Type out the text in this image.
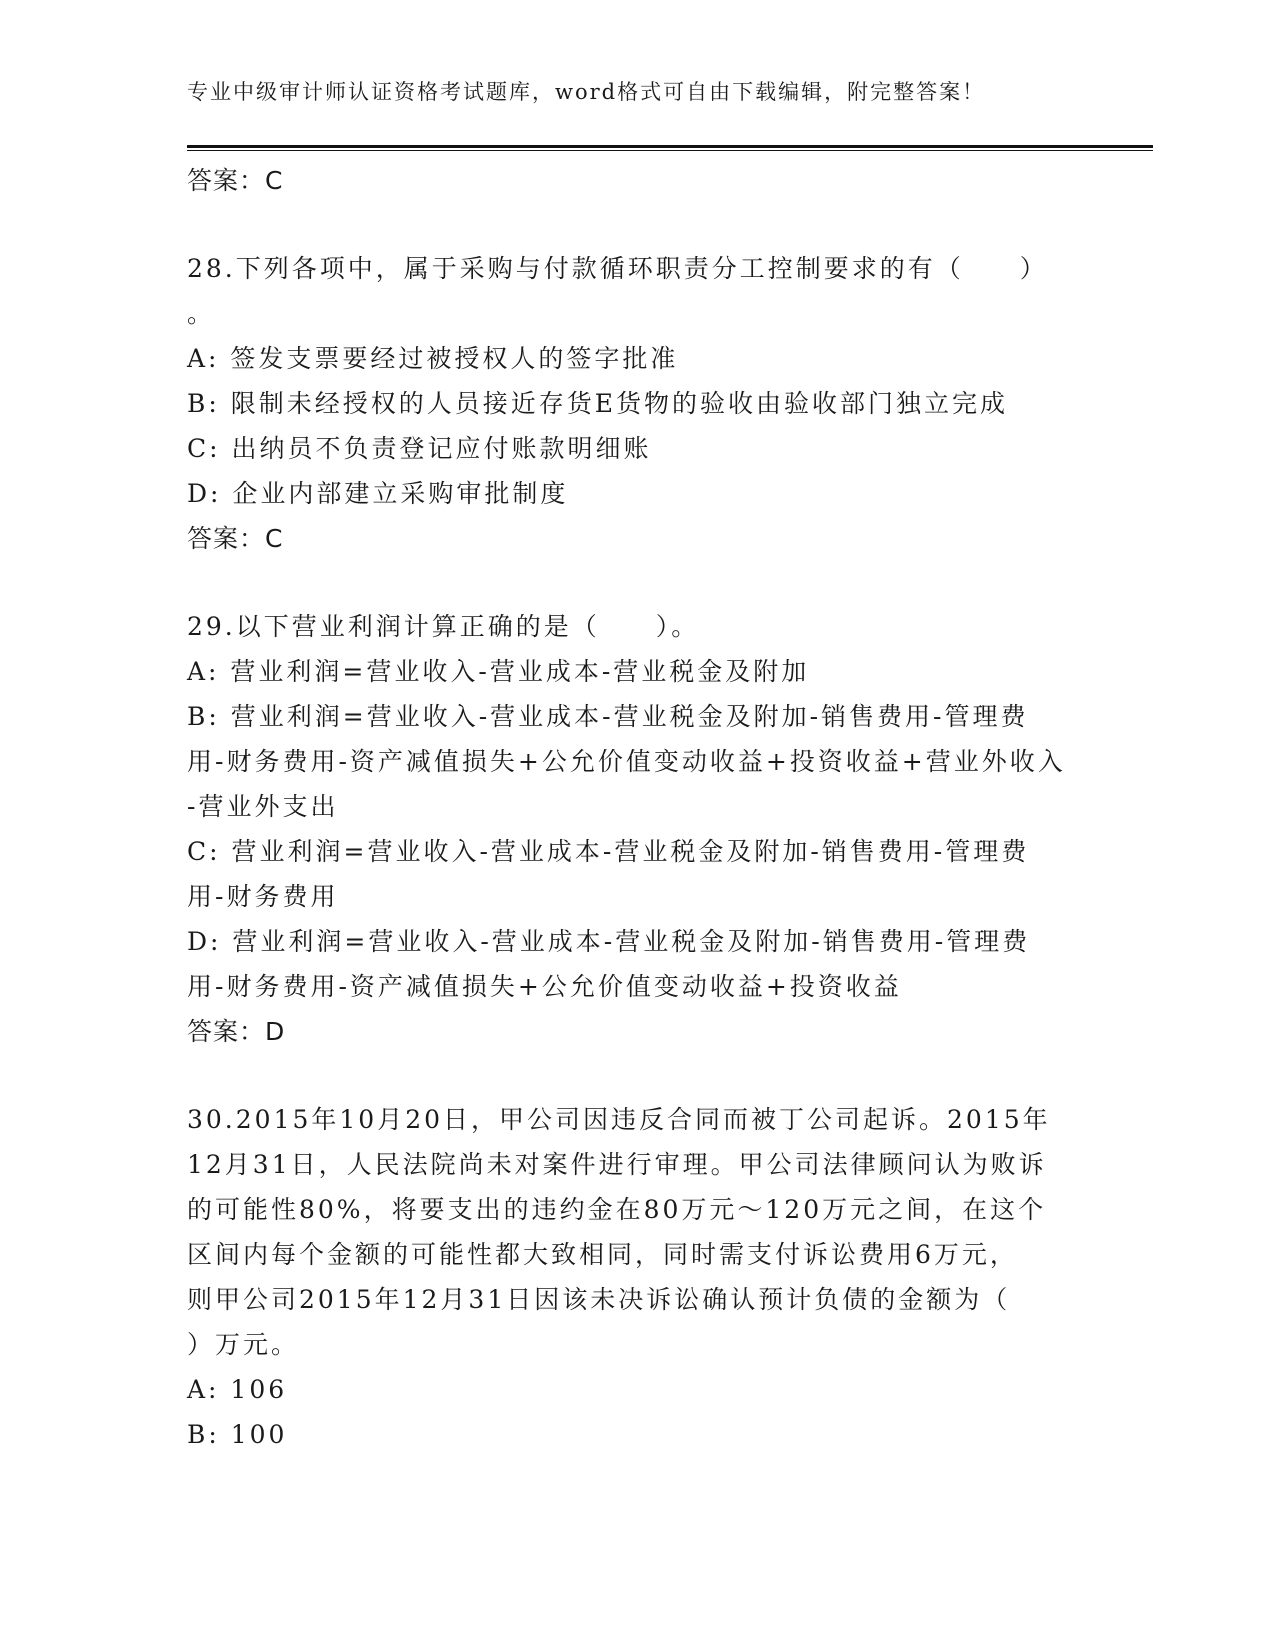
专业中级审计师认证资格考试题库，word格式可自由下载编辑，附完整答案！
答案：C
28.下列各项中，属于采购与付款循环职责分工控制要求的有（　　）
。
A: 签发支票要经过被授权人的签字批准
B: 限制未经授权的人员接近存货E货物的验收由验收部门独立完成
C: 出纳员不负责登记应付账款明细账
D: 企业内部建立采购审批制度
答案：C
29.以下营业利润计算正确的是（　　）。
A: 营业利润=营业收入-营业成本-营业税金及附加
B: 营业利润=营业收入-营业成本-营业税金及附加-销售费用-管理费
用-财务费用-资产减值损失+公允价值变动收益+投资收益+营业外收入
-营业外支出
C: 营业利润=营业收入-营业成本-营业税金及附加-销售费用-管理费
用-财务费用
D: 营业利润=营业收入-营业成本-营业税金及附加-销售费用-管理费
用-财务费用-资产减值损失+公允价值变动收益+投资收益
答案：D
30.2015年10月20日，甲公司因违反合同而被丁公司起诉。2015年
12月31日，人民法院尚未对案件进行审理。甲公司法律顾问认为败诉
的可能性80%，将要支出的违约金在80万元～120万元之间，在这个
区间内每个金额的可能性都大致相同，同时需支付诉讼费用6万元，
则甲公司2015年12月31日因该未决诉讼确认预计负债的金额为（
）万元。
A: 106
B: 100
